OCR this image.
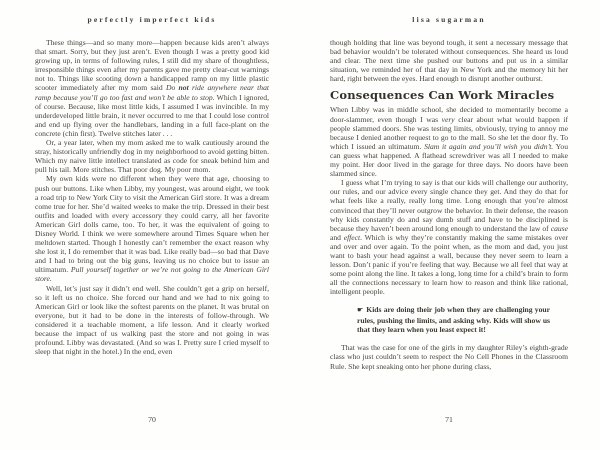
perfectly imperfect kids

These things—and so many more—happen because kids aren’t always that smart. Sorry, but they just aren’t. Even though I was a pretty good kid growing up, in terms of following rules, I still did my share of thoughtless, irresponsible things even after my parents gave me pretty clear-cut warnings not to. Things like scooting down a handicapped ramp on my little plastic scooter immediately after my mom said Do not ride anywhere near that ramp because you’ll go too fast and won’t be able to stop. Which I ignored, of course. Because, like most little kids, I assumed I was invincible. In my underdeveloped little brain, it never occurred to me that I could lose control and end up flying over the handlebars, landing in a full face-plant on the concrete (chin first). Twelve stitches later . . .

Or, a year later, when my mom asked me to walk cautiously around the stray, historically unfriendly dog in my neighborhood to avoid getting bitten. Which my naive little intellect translated as code for sneak behind him and pull his tail. More stitches. That poor dog. My poor mom.

My own kids were no different when they were that age, choosing to push our buttons. Like when Libby, my youngest, was around eight, we took a road trip to New York City to visit the American Girl store. It was a dream come true for her. She’d waited weeks to make the trip. Dressed in their best outfits and loaded with every accessory they could carry, all her favorite American Girl dolls came, too. To her, it was the equivalent of going to Disney World. I think we were somewhere around Times Square when her meltdown started. Though I honestly can’t remember the exact reason why she lost it, I do remember that it was bad. Like really bad—so bad that Dave and I had to bring out the big guns, leaving us no choice but to issue an ultimatum. Pull yourself together or we’re not going to the American Girl store.

Well, let’s just say it didn’t end well. She couldn’t get a grip on herself, so it left us no choice. She forced our hand and we had to nix going to American Girl or look like the softest parents on the planet. It was brutal on everyone, but it had to be done in the interests of follow-through. We considered it a teachable moment, a life lesson. And it clearly worked because the impact of us walking past the store and not going in was profound. Libby was devastated. (And so was I. Pretty sure I cried myself to sleep that night in the hotel.) In the end, even

70
lisa sugarman

though holding that line was beyond tough, it sent a necessary message that bad behavior wouldn’t be tolerated without consequences. She heard us loud and clear. The next time she pushed our buttons and put us in a similar situation, we reminded her of that day in New York and the memory hit her hard, right between the eyes. Hard enough to disrupt another outburst.

Consequences Can Work Miracles

When Libby was in middle school, she decided to momentarily become a door-slammer, even though I was very clear about what would happen if people slammed doors. She was testing limits, obviously, trying to annoy me because I denied another request to go to the mall. So she let the door fly. To which I issued an ultimatum. Slam it again and you’ll wish you didn’t. You can guess what happened. A flathead screwdriver was all I needed to make my point. Her door lived in the garage for three days. No doors have been slammed since.

I guess what I’m trying to say is that our kids will challenge our authority, our rules, and our advice every single chance they get. And they do that for what feels like a really, really long time. Long enough that you’re almost convinced that they’ll never outgrow the behavior. In their defense, the reason why kids constantly do and say dumb stuff and have to be disciplined is because they haven’t been around long enough to understand the law of cause and effect. Which is why they’re constantly making the same mistakes over and over and over again. To the point when, as the mom and dad, you just want to bash your head against a wall, because they never seem to learn a lesson. Don’t panic if you’re feeling that way. Because we all feel that way at some point along the line. It takes a long, long time for a child’s brain to form all the connections necessary to learn how to reason and think like rational, intelligent people.

☛ Kids are doing their job when they are challenging your rules, pushing the limits, and asking why. Kids will show us that they learn when you least expect it!

That was the case for one of the girls in my daughter Riley’s eighth-grade class who just couldn’t seem to respect the No Cell Phones in the Classroom Rule. She kept sneaking onto her phone during class,

71
